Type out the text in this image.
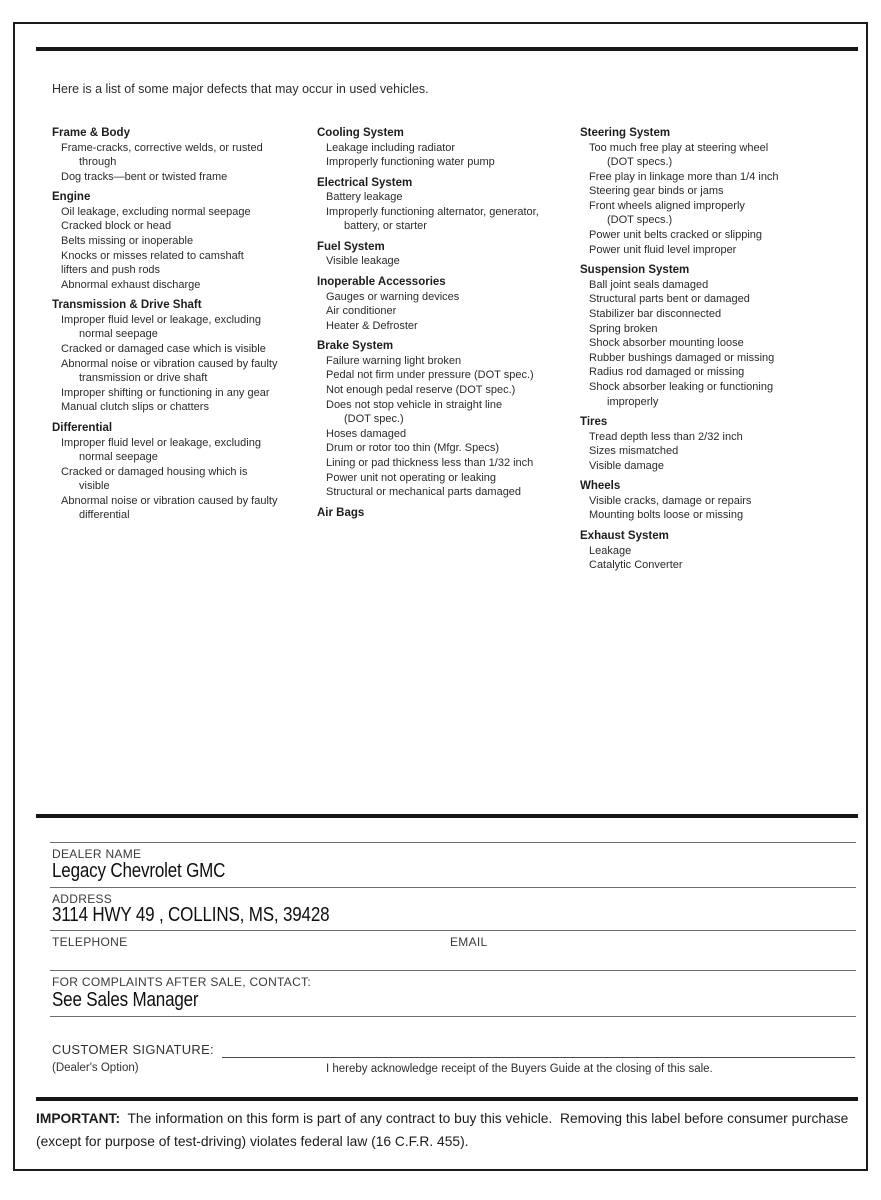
Here is a list of some major defects that may occur in used vehicles.
Frame & Body
Frame-cracks, corrective welds, or rusted
through
Dog tracks—bent or twisted frame
Engine
Oil leakage, excluding normal seepage
Cracked block or head
Belts missing or inoperable
Knocks or misses related to camshaft
lifters and push rods
Abnormal exhaust discharge
Transmission & Drive Shaft
Improper fluid level or leakage, excluding
normal seepage
Cracked or damaged case which is visible
Abnormal noise or vibration caused by faulty
transmission or drive shaft
Improper shifting or functioning in any gear
Manual clutch slips or chatters
Differential
Improper fluid level or leakage, excluding
normal seepage
Cracked or damaged housing which is
visible
Abnormal noise or vibration caused by faulty
differential
Cooling System
Leakage including radiator
Improperly functioning water pump
Electrical System
Battery leakage
Improperly functioning alternator, generator,
battery, or starter
Fuel System
Visible leakage
Inoperable Accessories
Gauges or warning devices
Air conditioner
Heater & Defroster
Brake System
Failure warning light broken
Pedal not firm under pressure (DOT spec.)
Not enough pedal reserve (DOT spec.)
Does not stop vehicle in straight line
(DOT spec.)
Hoses damaged
Drum or rotor too thin (Mfgr. Specs)
Lining or pad thickness less than 1/32 inch
Power unit not operating or leaking
Structural or mechanical parts damaged
Air Bags
Steering System
Too much free play at steering wheel
(DOT specs.)
Free play in linkage more than 1/4 inch
Steering gear binds or jams
Front wheels aligned improperly
(DOT specs.)
Power unit belts cracked or slipping
Power unit fluid level improper
Suspension System
Ball joint seals damaged
Structural parts bent or damaged
Stabilizer bar disconnected
Spring broken
Shock absorber mounting loose
Rubber bushings damaged or missing
Radius rod damaged or missing
Shock absorber leaking or functioning
improperly
Tires
Tread depth less than 2/32 inch
Sizes mismatched
Visible damage
Wheels
Visible cracks, damage or repairs
Mounting bolts loose or missing
Exhaust System
Leakage
Catalytic Converter
DEALER NAME
Legacy Chevrolet GMC
ADDRESS
3114 HWY 49 , COLLINS, MS, 39428
TELEPHONE	EMAIL
FOR COMPLAINTS AFTER SALE, CONTACT:
See Sales Manager
CUSTOMER SIGNATURE:
(Dealer's Option)	I hereby acknowledge receipt of the Buyers Guide at the closing of this sale.
IMPORTANT:  The information on this form is part of any contract to buy this vehicle.  Removing this label before consumer purchase (except for purpose of test-driving) violates federal law (16 C.F.R. 455).
